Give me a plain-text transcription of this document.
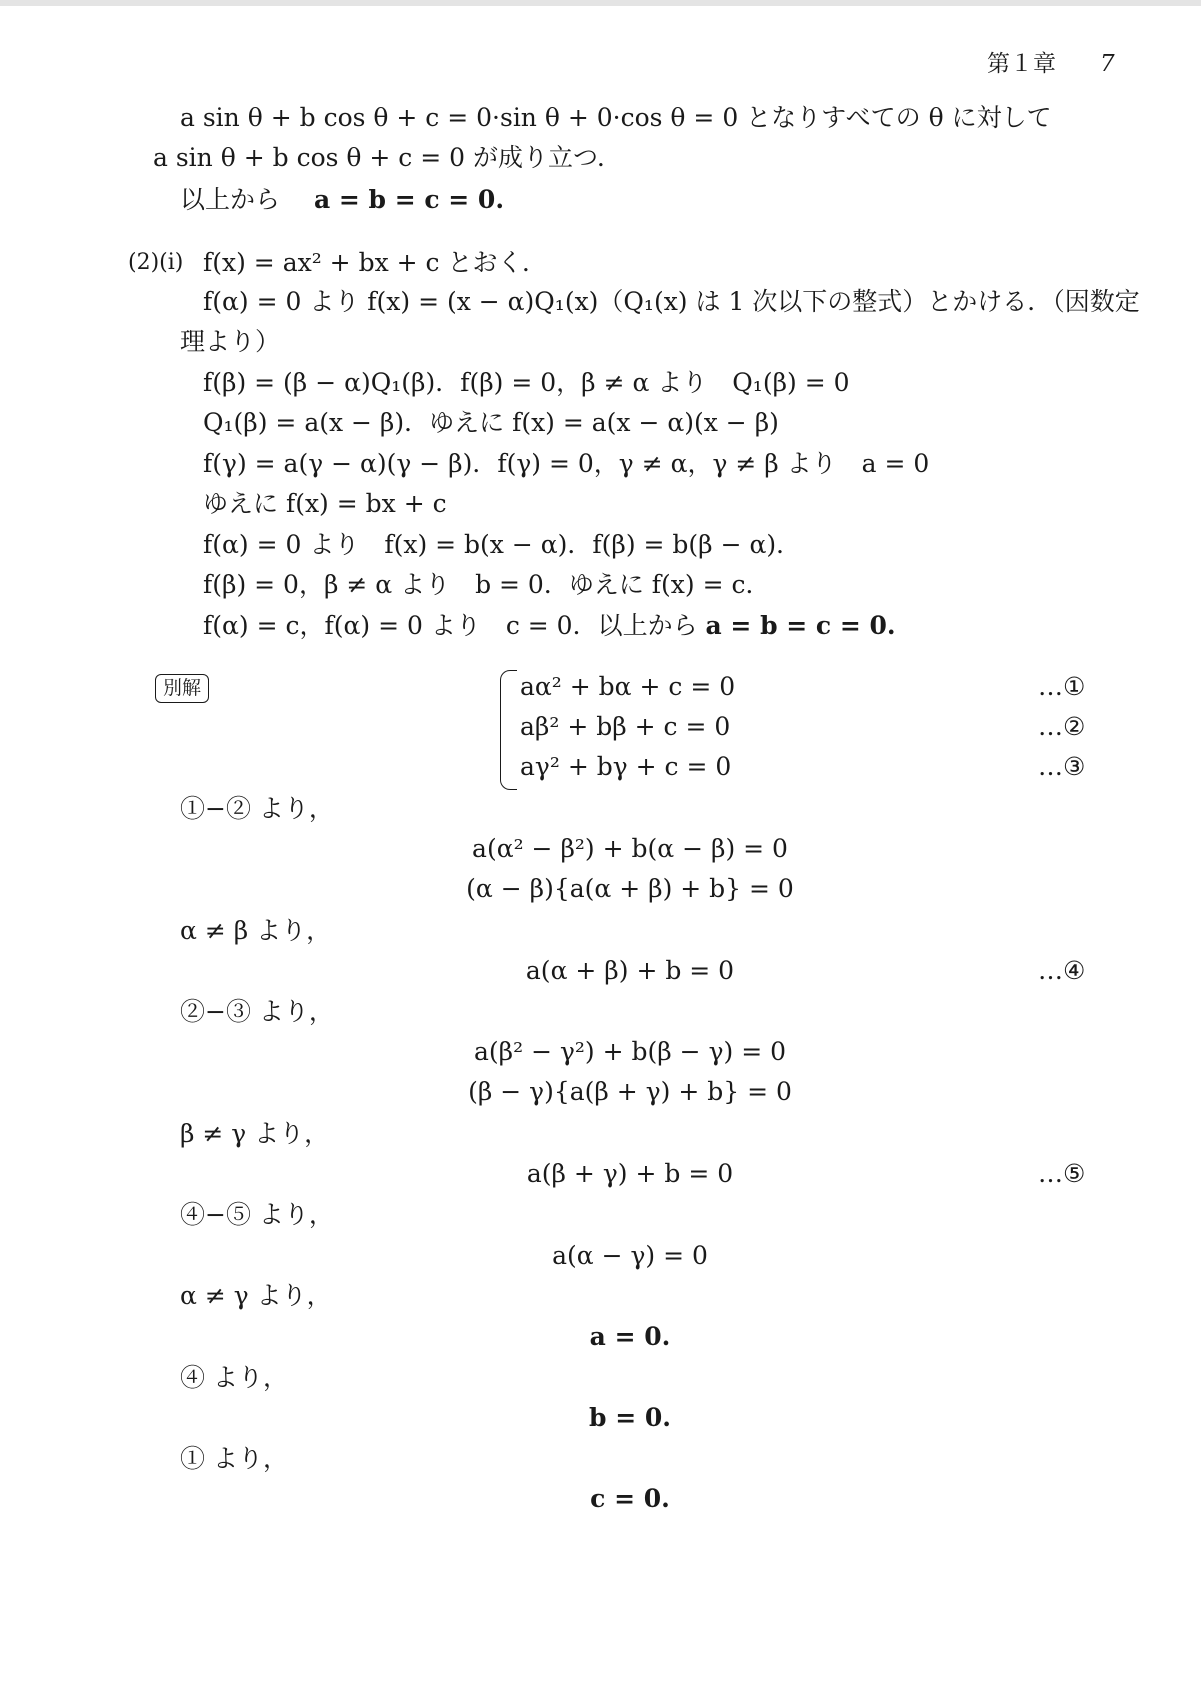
第１章 7
a sin θ + b cos θ + c = 0·sin θ + 0·cos θ = 0 となりすべての θ に対して
a sin θ + b cos θ + c = 0 が成り立つ．
以上から a = b = c = 0.
(2)(i) f(x) = ax² + bx + c とおく．
f(α) = 0 より f(x) = (x − α)Q₁(x)（Q₁(x) は 1 次以下の整式）とかける．（因数定
理より）
f(β) = (β − α)Q₁(β)．f(β) = 0，β ≠ α より　Q₁(β) = 0
Q₁(β) = a(x − β)．ゆえに f(x) = a(x − α)(x − β)
f(γ) = a(γ − α)(γ − β)．f(γ) = 0，γ ≠ α，γ ≠ β より　a = 0
ゆえに f(x) = bx + c
f(α) = 0 より　f(x) = b(x − α)．f(β) = b(β − α)．
f(β) = 0，β ≠ α より　b = 0．ゆえに f(x) = c．
f(α) = c，f(α) = 0 より　c = 0．以上から a = b = c = 0.
別解	aα² + bα + c = 0	…①
aβ² + bβ + c = 0	…②
aγ² + bγ + c = 0	…③
①−② より，
a(α² − β²) + b(α − β) = 0
(α − β){a(α + β) + b} = 0
α ≠ β より，
a(α + β) + b = 0	…④
②−③ より，
a(β² − γ²) + b(β − γ) = 0
(β − γ){a(β + γ) + b} = 0
β ≠ γ より，
a(β + γ) + b = 0	…⑤
④−⑤ より，
a(α − γ) = 0
α ≠ γ より，
a = 0.
④ より，
b = 0.
① より，
c = 0.
